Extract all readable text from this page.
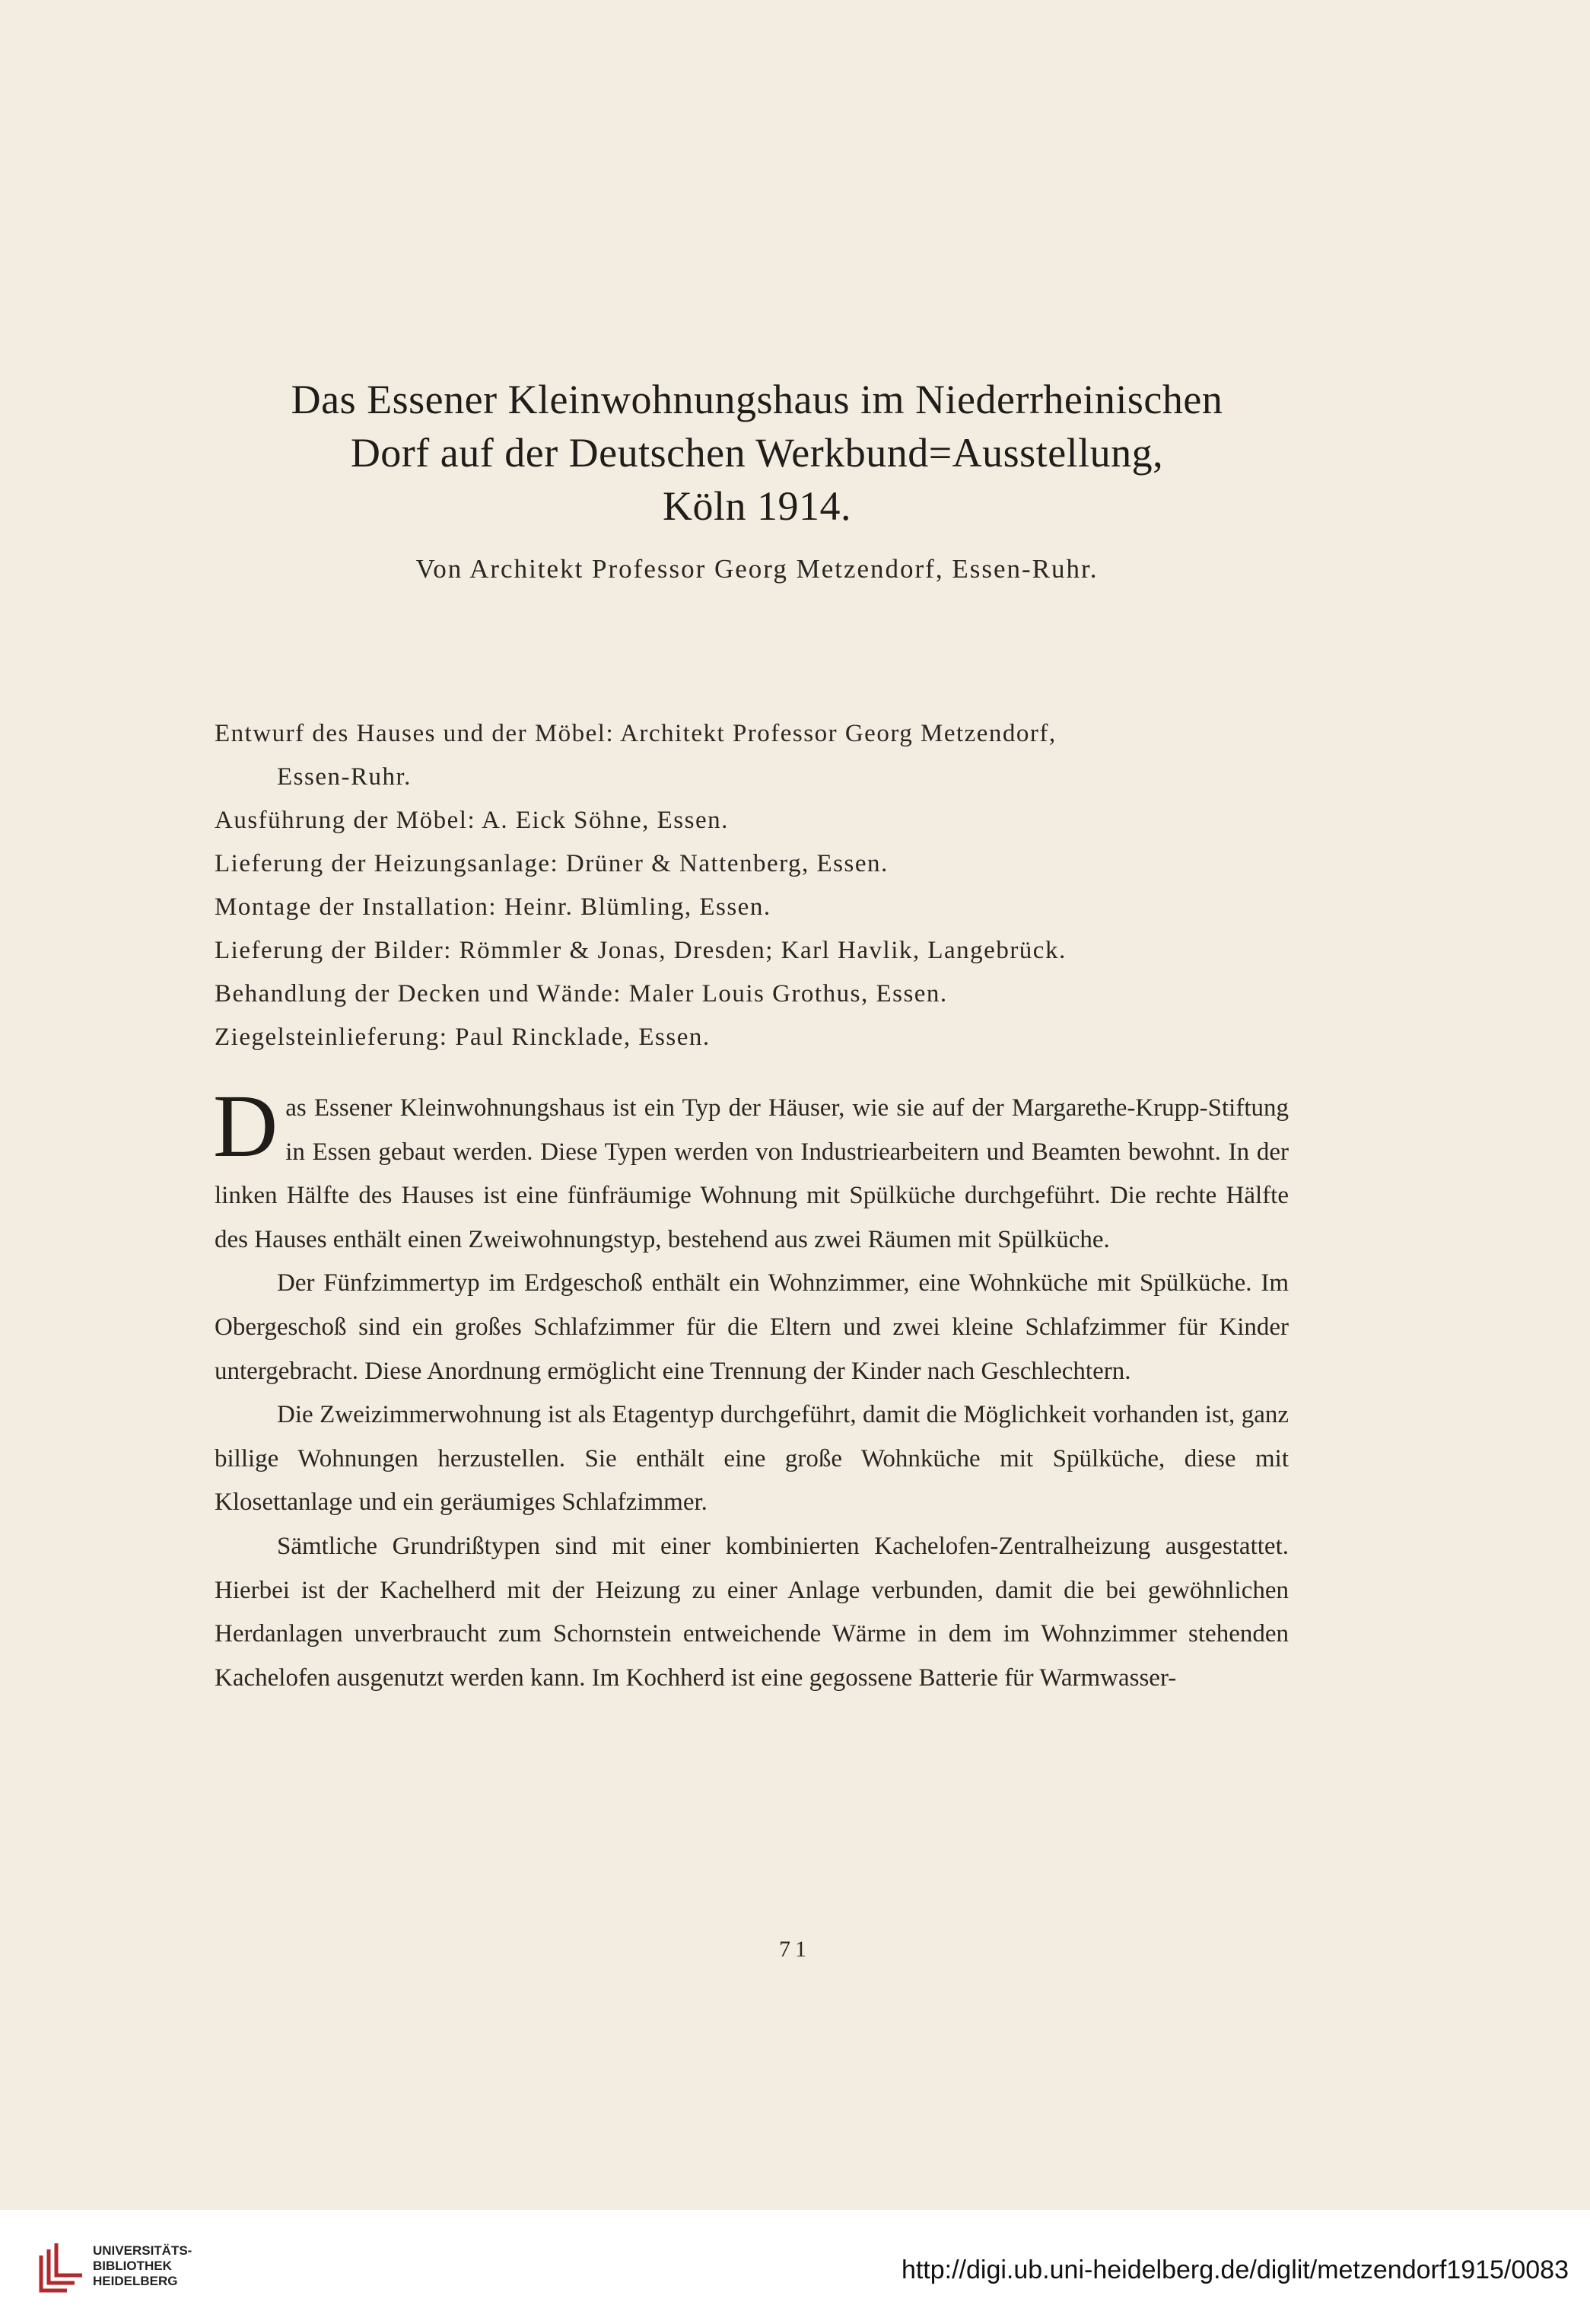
Das Essener Kleinwohnungshaus im Niederrheinischen
Dorf auf der Deutschen Werkbund=Ausstellung,
Köln 1914.
Von Architekt Professor Georg Metzendorf, Essen-Ruhr.
Entwurf des Hauses und der Möbel: Architekt Professor Georg Metzendorf,
Essen-Ruhr.
Ausführung der Möbel: A. Eick Söhne, Essen.
Lieferung der Heizungsanlage: Drüner & Nattenberg, Essen.
Montage der Installation: Heinr. Blümling, Essen.
Lieferung der Bilder: Römmler & Jonas, Dresden; Karl Havlik, Langebrück.
Behandlung der Decken und Wände: Maler Louis Grothus, Essen.
Ziegelsteinlieferung: Paul Rincklade, Essen.

Das Essener Kleinwohnungshaus ist ein Typ der Häuser, wie sie auf der Margarethe-Krupp-Stiftung in Essen gebaut werden. Diese Typen werden von Industriearbeitern und Beamten bewohnt. In der linken Hälfte des Hauses ist eine fünfräumige Wohnung mit Spülküche durchgeführt. Die rechte Hälfte des Hauses enthält einen Zweiwohnungstyp, bestehend aus zwei Räumen mit Spülküche.

Der Fünfzimmertyp im Erdgeschoß enthält ein Wohnzimmer, eine Wohnküche mit Spülküche. Im Obergeschoß sind ein großes Schlafzimmer für die Eltern und zwei kleine Schlafzimmer für Kinder untergebracht. Diese Anordnung ermöglicht eine Trennung der Kinder nach Geschlechtern.

Die Zweizimmerwohnung ist als Etagentyp durchgeführt, damit die Möglichkeit vorhanden ist, ganz billige Wohnungen herzustellen. Sie enthält eine große Wohnküche mit Spülküche, diese mit Klosettanlage und ein geräumiges Schlafzimmer.

Sämtliche Grundrißtypen sind mit einer kombinierten Kachelofen-Zentralheizung ausgestattet. Hierbei ist der Kachelherd mit der Heizung zu einer Anlage verbunden, damit die bei gewöhnlichen Herdanlagen unverbraucht zum Schornstein entweichende Wärme in dem im Wohnzimmer stehenden Kachelofen ausgenutzt werden kann. Im Kochherd ist eine gegossene Batterie für Warmwasser-

71
UNIVERSITÄTS-
BIBLIOTHEK
HEIDELBERG	http://digi.ub.uni-heidelberg.de/diglit/metzendorf1915/0083
